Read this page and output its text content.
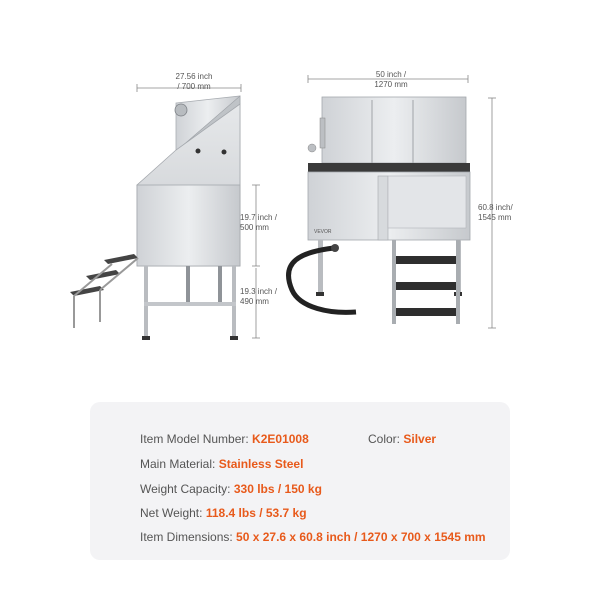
VEVOR
27.56 inch
/ 700 mm
50 inch /
1270 mm
19.7 inch /
500 mm
19.3 inch /
490 mm
60.8 inch/
1545 mm
Item Model Number: K2E01008	Color: Silver
Main Material: Stainless Steel
Weight Capacity: 330 lbs / 150 kg
Net Weight: 118.4 lbs / 53.7 kg
Item Dimensions: 50 x 27.6 x 60.8 inch / 1270 x 700 x 1545 mm
